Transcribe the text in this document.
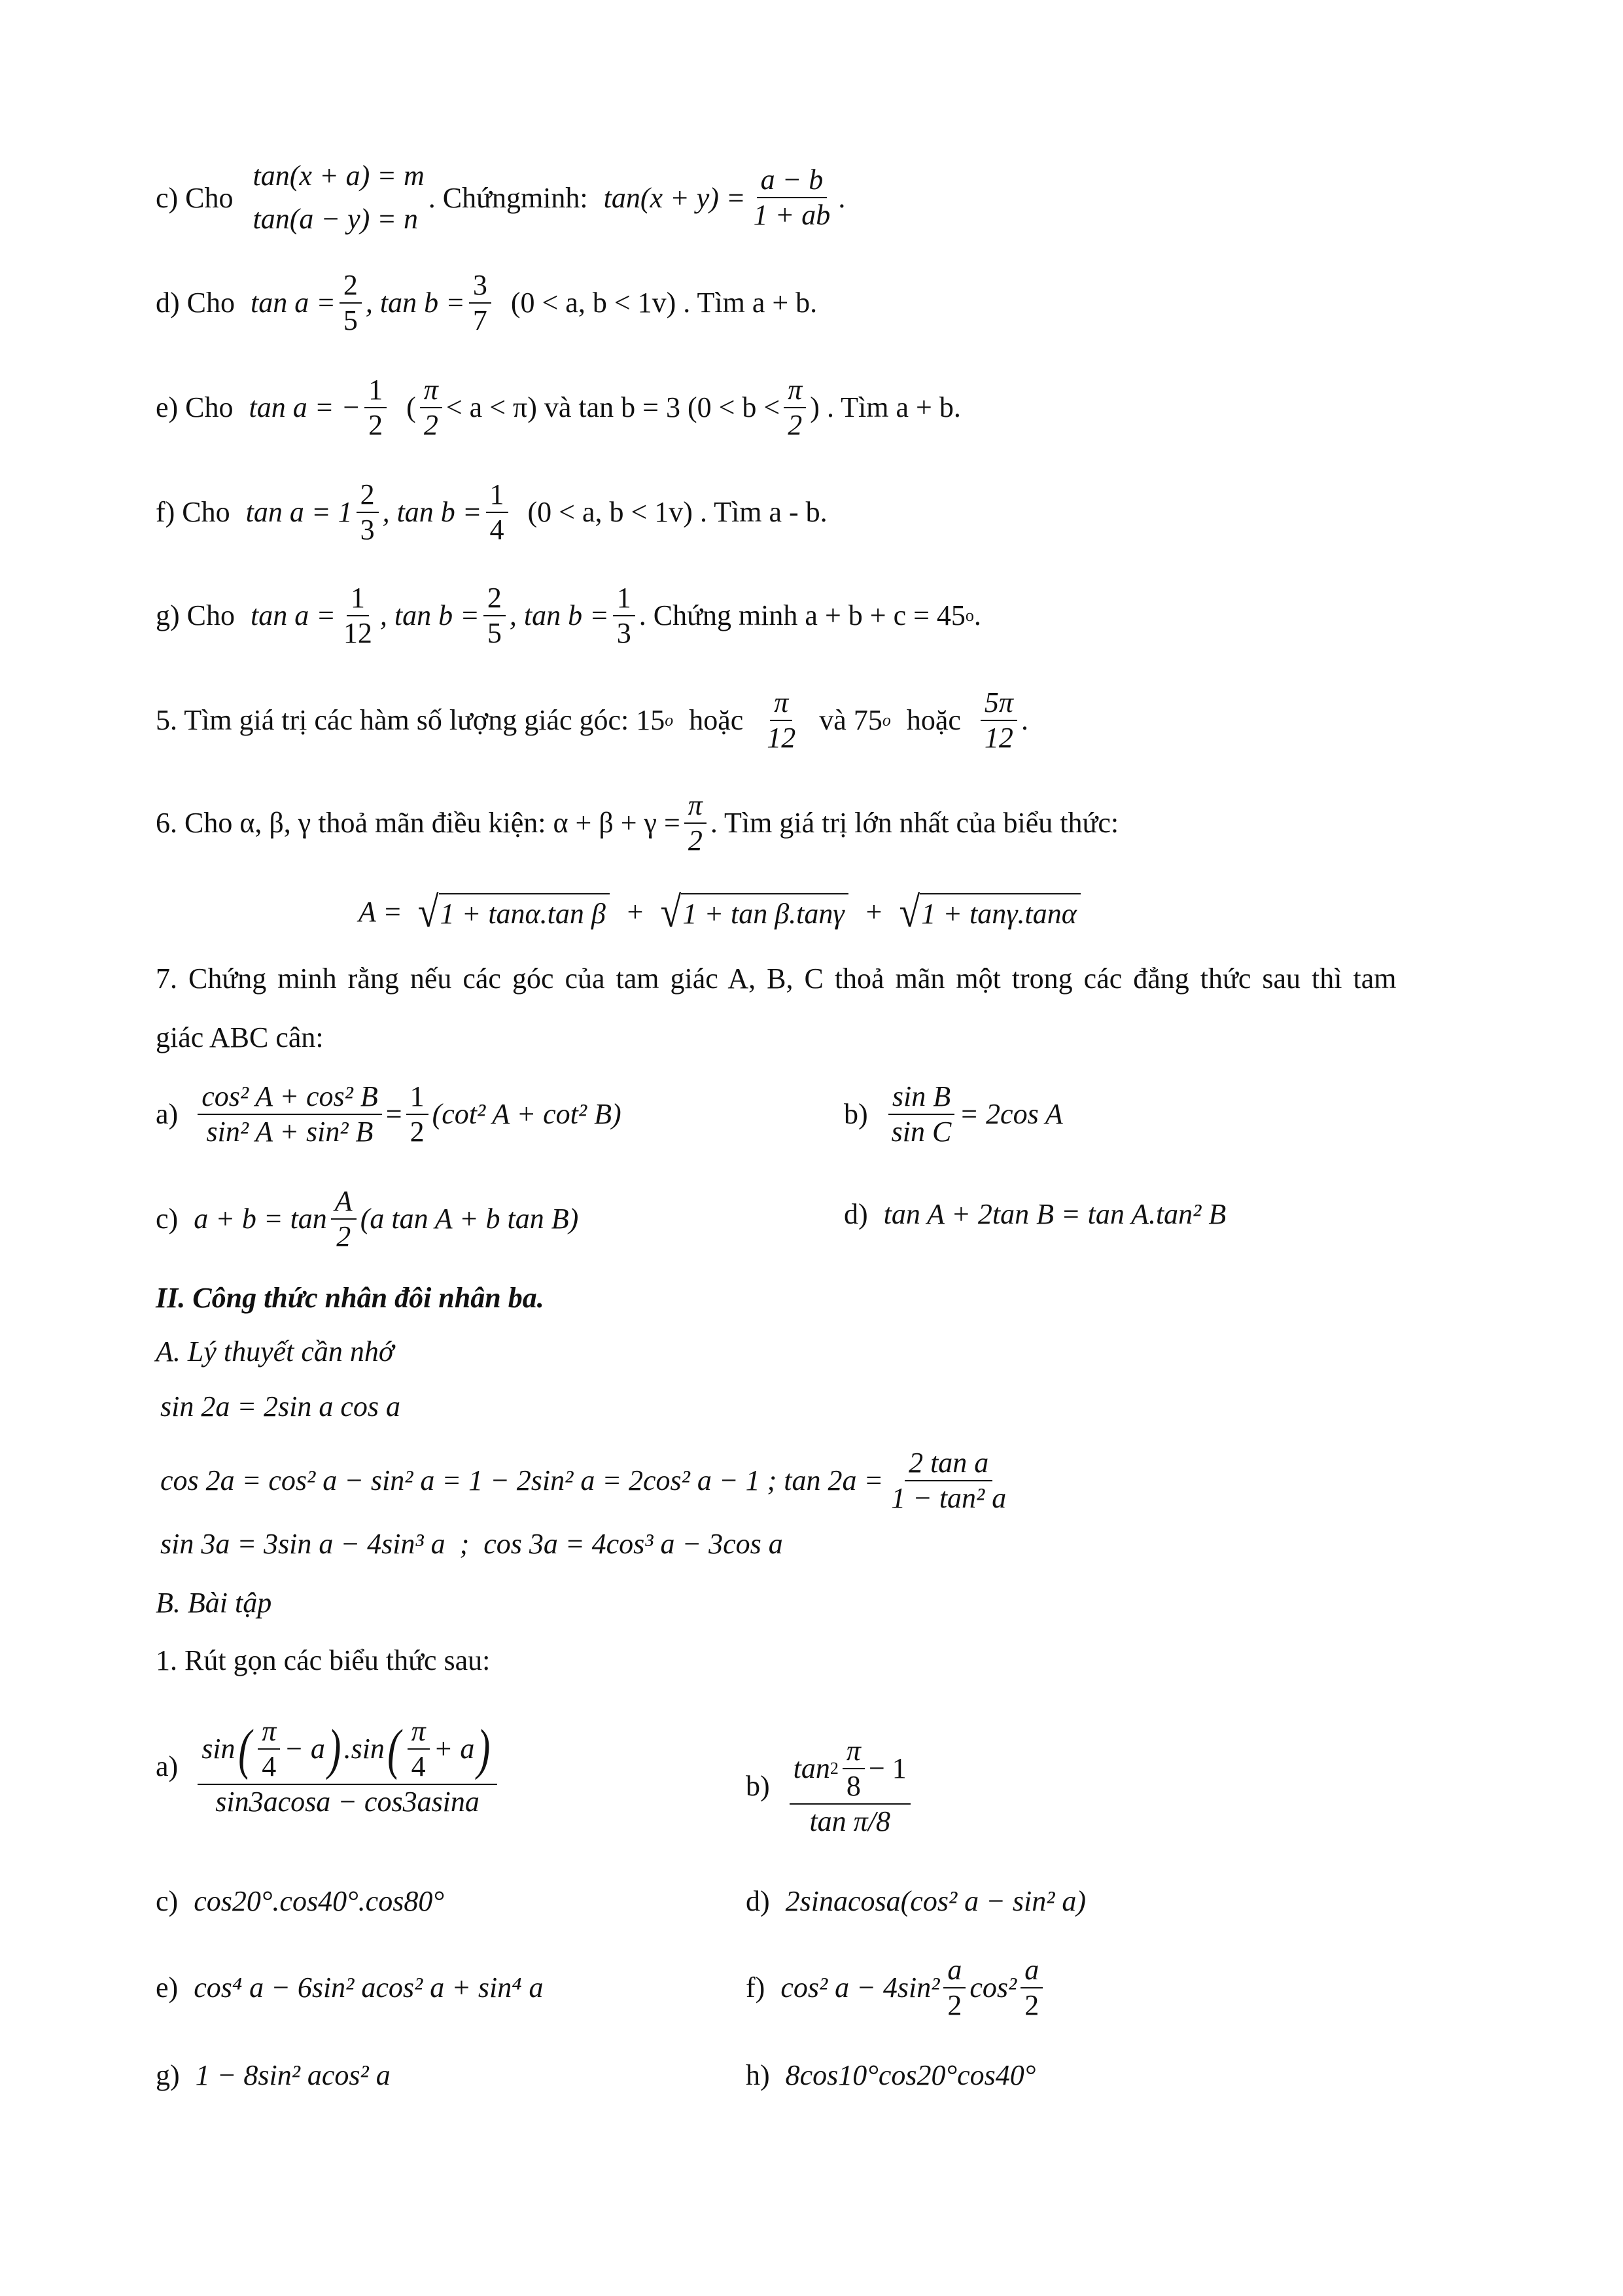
c) Cho
tan(x + a) = m
tan(a − y) = n
. Chứngminh: $\tan(x + y) = \frac{a - b}{1 + ab}$ .
d) Cho $\tan a = \frac{2}{5}$ , $\tan b = \frac{3}{7} (0 < a$, b < 1v) . Tìm a + b.
e) Cho tan a = − $\frac{1}{2}$ (
π
2
< a < π) và tan b = 3 (0 < b <
π
2
) . Tìm a + b.
f) Cho tan a = 1
2
3
, $\tan b = \frac{1}{4} (0 < a$, b < 1v) . Tìm a - b.
g) Cho $\tan a = \frac{1}{12}$ , $\tan b = \frac{2}{5}$ , $\tan b = \frac{1}{3}$ . Chứng minh a + b + c = 45 o .
5. Tìm giá trị các hàm số lượng giác góc: 15 o hoặc
π
12
và 75 o hoặc
5π
12
.
6. Cho α, β, γ thoả mãn điều kiện: $\alpha + \beta + \gamma = \frac{\pi}{2}$ . Tìm giá trị lớn nhất của biểu thức:
A = √ 1 + tanα.tan β + √ 1 + tan β.tanγ + √ 1 + tanγ.tanα
7. Chứng minh rằng nếu các góc của tam giác A, B, C thoả mãn một trong các đẳng thức sau thì tam
giác ABC cân:
$a) \frac{\text{cos² A + cos² B}}{\text{sin² A + sin² B}} = \frac{1}{2} (\cot^2$ A + cot² B)	$b) \frac{\text{sin B}}{\text{sin C}} = 2\cos$ A
c) a + b = tan
A
2
(a tan A + b tan B)	d) tan A + 2tan B = tan A.tan² B
II. Công thức nhân đôi nhân ba.
A. Lý thuyết cần nhớ
sin 2a = 2sin a cos a
cos 2a = cos² a − sin² a = 1 − 2sin² a = 2cos² a − 1 ; $\tan 2a = \frac{\text{2 tan a}}{\text{1 − tan² a}}$
sin 3a = 3sin a − 4sin³ a  ;  cos 3a = 4cos³ a − 3cos a
B. Bài tập
1. Rút gọn các biểu thức sau:
a)
sin ( π
4
− a ) .sin ( π
4
+ a )
sin3acosa − cos3asina	b)
tan 2
π
8
− 1
tan π/8
c) cos20°.cos40°.cos80°	d) 2sinacosa(cos² a − sin² a)
e) cos⁴ a − 6sin² acos² a + sin⁴ a	f) cos² a − 4sin²
a
2
cos²
a
2
g) 1 − 8sin² acos² a	h) 8cos10°cos20°cos40°
